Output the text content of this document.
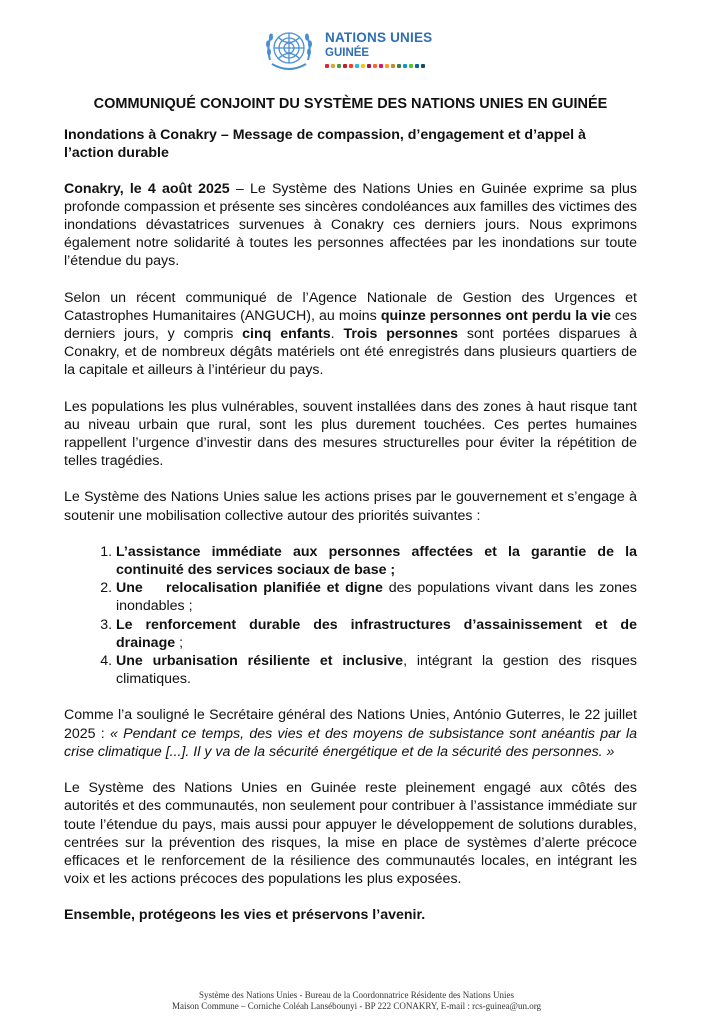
NATIONS UNIES
GUINÉE
COMMUNIQUÉ CONJOINT DU SYSTÈME DES NATIONS UNIES EN GUINÉE
Inondations à Conakry – Message de compassion, d’engagement et d’appel à l’action durable

Conakry, le 4 août 2025 – Le Système des Nations Unies en Guinée exprime sa plus profonde compassion et présente ses sincères condoléances aux familles des victimes des inondations dévastatrices survenues à Conakry ces derniers jours. Nous exprimons également notre solidarité à toutes les personnes affectées par les inondations sur toute l’étendue du pays.

Selon un récent communiqué de l’Agence Nationale de Gestion des Urgences et Catastrophes Humanitaires (ANGUCH), au moins quinze personnes ont perdu la vie ces derniers jours, y compris cinq enfants. Trois personnes sont portées disparues à Conakry, et de nombreux dégâts matériels ont été enregistrés dans plusieurs quartiers de la capitale et ailleurs à l’intérieur du pays.

Les populations les plus vulnérables, souvent installées dans des zones à haut risque tant au niveau urbain que rural, sont les plus durement touchées. Ces pertes humaines rappellent l’urgence d’investir dans des mesures structurelles pour éviter la répétition de telles tragédies.

Le Système des Nations Unies salue les actions prises par le gouvernement et s’engage à soutenir une mobilisation collective autour des priorités suivantes :

1. L’assistance immédiate aux personnes affectées et la garantie de la continuité des services sociaux de base ;
2. Une    relocalisation planifiée et digne des populations vivant dans les zones inondables ;
3. Le renforcement durable des infrastructures d’assainissement et de drainage ;
4. Une urbanisation résiliente et inclusive, intégrant la gestion des risques climatiques.

Comme l’a souligné le Secrétaire général des Nations Unies, António Guterres, le 22 juillet 2025 : « Pendant ce temps, des vies et des moyens de subsistance sont anéantis par la crise climatique [...]. Il y va de la sécurité énergétique et de la sécurité des personnes. »

Le Système des Nations Unies en Guinée reste pleinement engagé aux côtés des autorités et des communautés, non seulement pour contribuer à l’assistance immédiate sur toute l’étendue du pays, mais aussi pour appuyer le développement de solutions durables, centrées sur la prévention des risques, la mise en place de systèmes d’alerte précoce efficaces et le renforcement de la résilience des communautés locales, en intégrant les voix et les actions précoces des populations les plus exposées.

Ensemble, protégeons les vies et préservons l’avenir.
Système des Nations Unies - Bureau de la Coordonnatrice Résidente des Nations Unies
Maison Commune – Corniche Coléah Lansébounyi - BP 222 CONAKRY, E-mail : rcs-guinea@un.org
